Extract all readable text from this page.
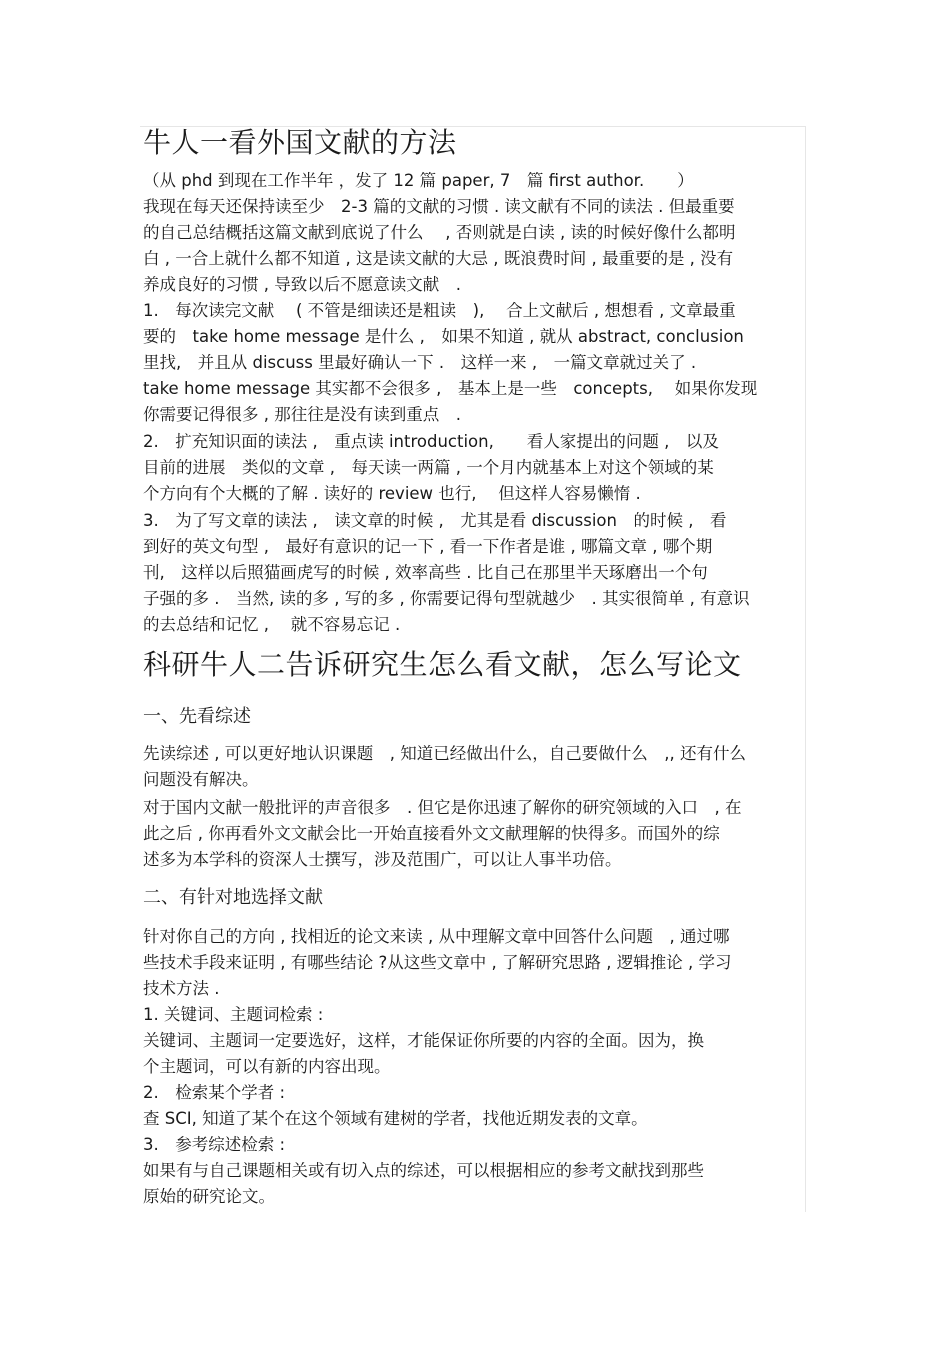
牛人一看外国文献的方法
（从 phd 到现在工作半年 ，发了 12 篇 paper, 7　篇 first author.　　）
我现在每天还保持读至少　2-3 篇的文献的习惯 . 读文献有不同的读法 . 但最重要
的自己总结概括这篇文献到底说了什么　 , 否则就是白读 , 读的时候好像什么都明
白 , 一合上就什么都不知道 , 这是读文献的大忌 , 既浪费时间 , 最重要的是 , 没有
养成良好的习惯 , 导致以后不愿意读文献　.
1.　每次读完文献　 ( 不管是细读还是粗读　),　 合上文献后 , 想想看 , 文章最重
要的　take home message 是什么 ,　如果不知道 , 就从 abstract, conclusion
里找,　并且从 discuss 里最好确认一下 .　这样一来 ,　一篇文章就过关了 .
take home message 其实都不会很多 ,　基本上是一些　concepts,　 如果你发现
你需要记得很多 , 那往往是没有读到重点　.
2.　扩充知识面的读法 ,　重点读 introduction,　　看人家提出的问题 ,　以及
目前的进展　类似的文章 ,　每天读一两篇 , 一个月内就基本上对这个领域的某
个方向有个大概的了解 . 读好的 review 也行,　 但这样人容易懒惰 .
3.　为了写文章的读法 ,　读文章的时候 ,　尤其是看 discussion　的时候 ,　看
到好的英文句型 ,　最好有意识的记一下 , 看一下作者是谁 , 哪篇文章 , 哪个期
刊,　这样以后照猫画虎写的时候 , 效率高些 . 比自己在那里半天琢磨出一个句
子强的多 .　当然, 读的多 , 写的多 , 你需要记得句型就越少　. 其实很简单 , 有意识
的去总结和记忆 ,　 就不容易忘记 .
科研牛人二告诉研究生怎么看文献，怎么写论文
一、先看综述
先读综述 , 可以更好地认识课题　, 知道已经做出什么，自己要做什么　,, 还有什么
问题没有解决。
对于国内文献一般批评的声音很多　. 但它是你迅速了解你的研究领域的入口　, 在
此之后 , 你再看外文文献会比一开始直接看外文文献理解的快得多。而国外的综
述多为本学科的资深人士撰写，涉及范围广，可以让人事半功倍。
二、有针对地选择文献
针对你自己的方向 , 找相近的论文来读 , 从中理解文章中回答什么问题　, 通过哪
些技术手段来证明 , 有哪些结论 ?从这些文章中 , 了解研究思路 , 逻辑推论 , 学习
技术方法 .
1. 关键词、主题词检索 :
关键词、主题词一定要选好，这样，才能保证你所要的内容的全面。因为，换
个主题词，可以有新的内容出现。
2.　检索某个学者 :
查 SCI, 知道了某个在这个领域有建树的学者，找他近期发表的文章。
3.　参考综述检索 :
如果有与自己课题相关或有切入点的综述，可以根据相应的参考文献找到那些
原始的研究论文。
